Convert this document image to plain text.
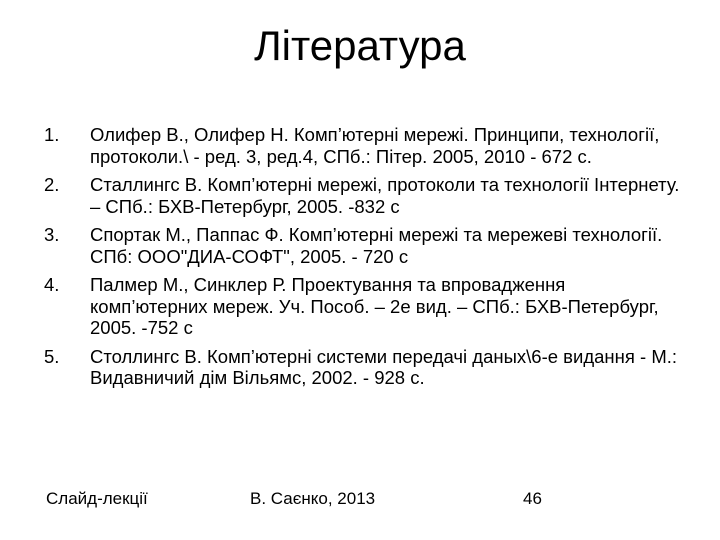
Література
1. Олифер В., Олифер Н. Комп’ютерні мережі. Принципи, технології, протоколи.\ - ред. 3, ред.4, СПб.: Пітер. 2005, 2010 - 672 с.
2. Сталлингс В. Комп’ютерні мережі, протоколи та технології Інтернету. – СПб.: БХВ-Петербург, 2005. -832 с
3. Спортак М., Паппас Ф. Комп’ютерні мережі та мережеві технології. СПб: ООО"ДИА-СОФТ", 2005. - 720 с
4. Палмер М., Синклер Р. Проектування та впровадження комп’ютерних мереж. Уч. Пособ. – 2е вид. – СПб.: БХВ-Петербург, 2005. -752 с
5. Столлингс В. Комп’ютерні системи передачі даных\6-е видання - М.: Видавничий дім Вільямс, 2002. - 928 с.
Слайд-лекції	В. Саєнко, 2013	46
